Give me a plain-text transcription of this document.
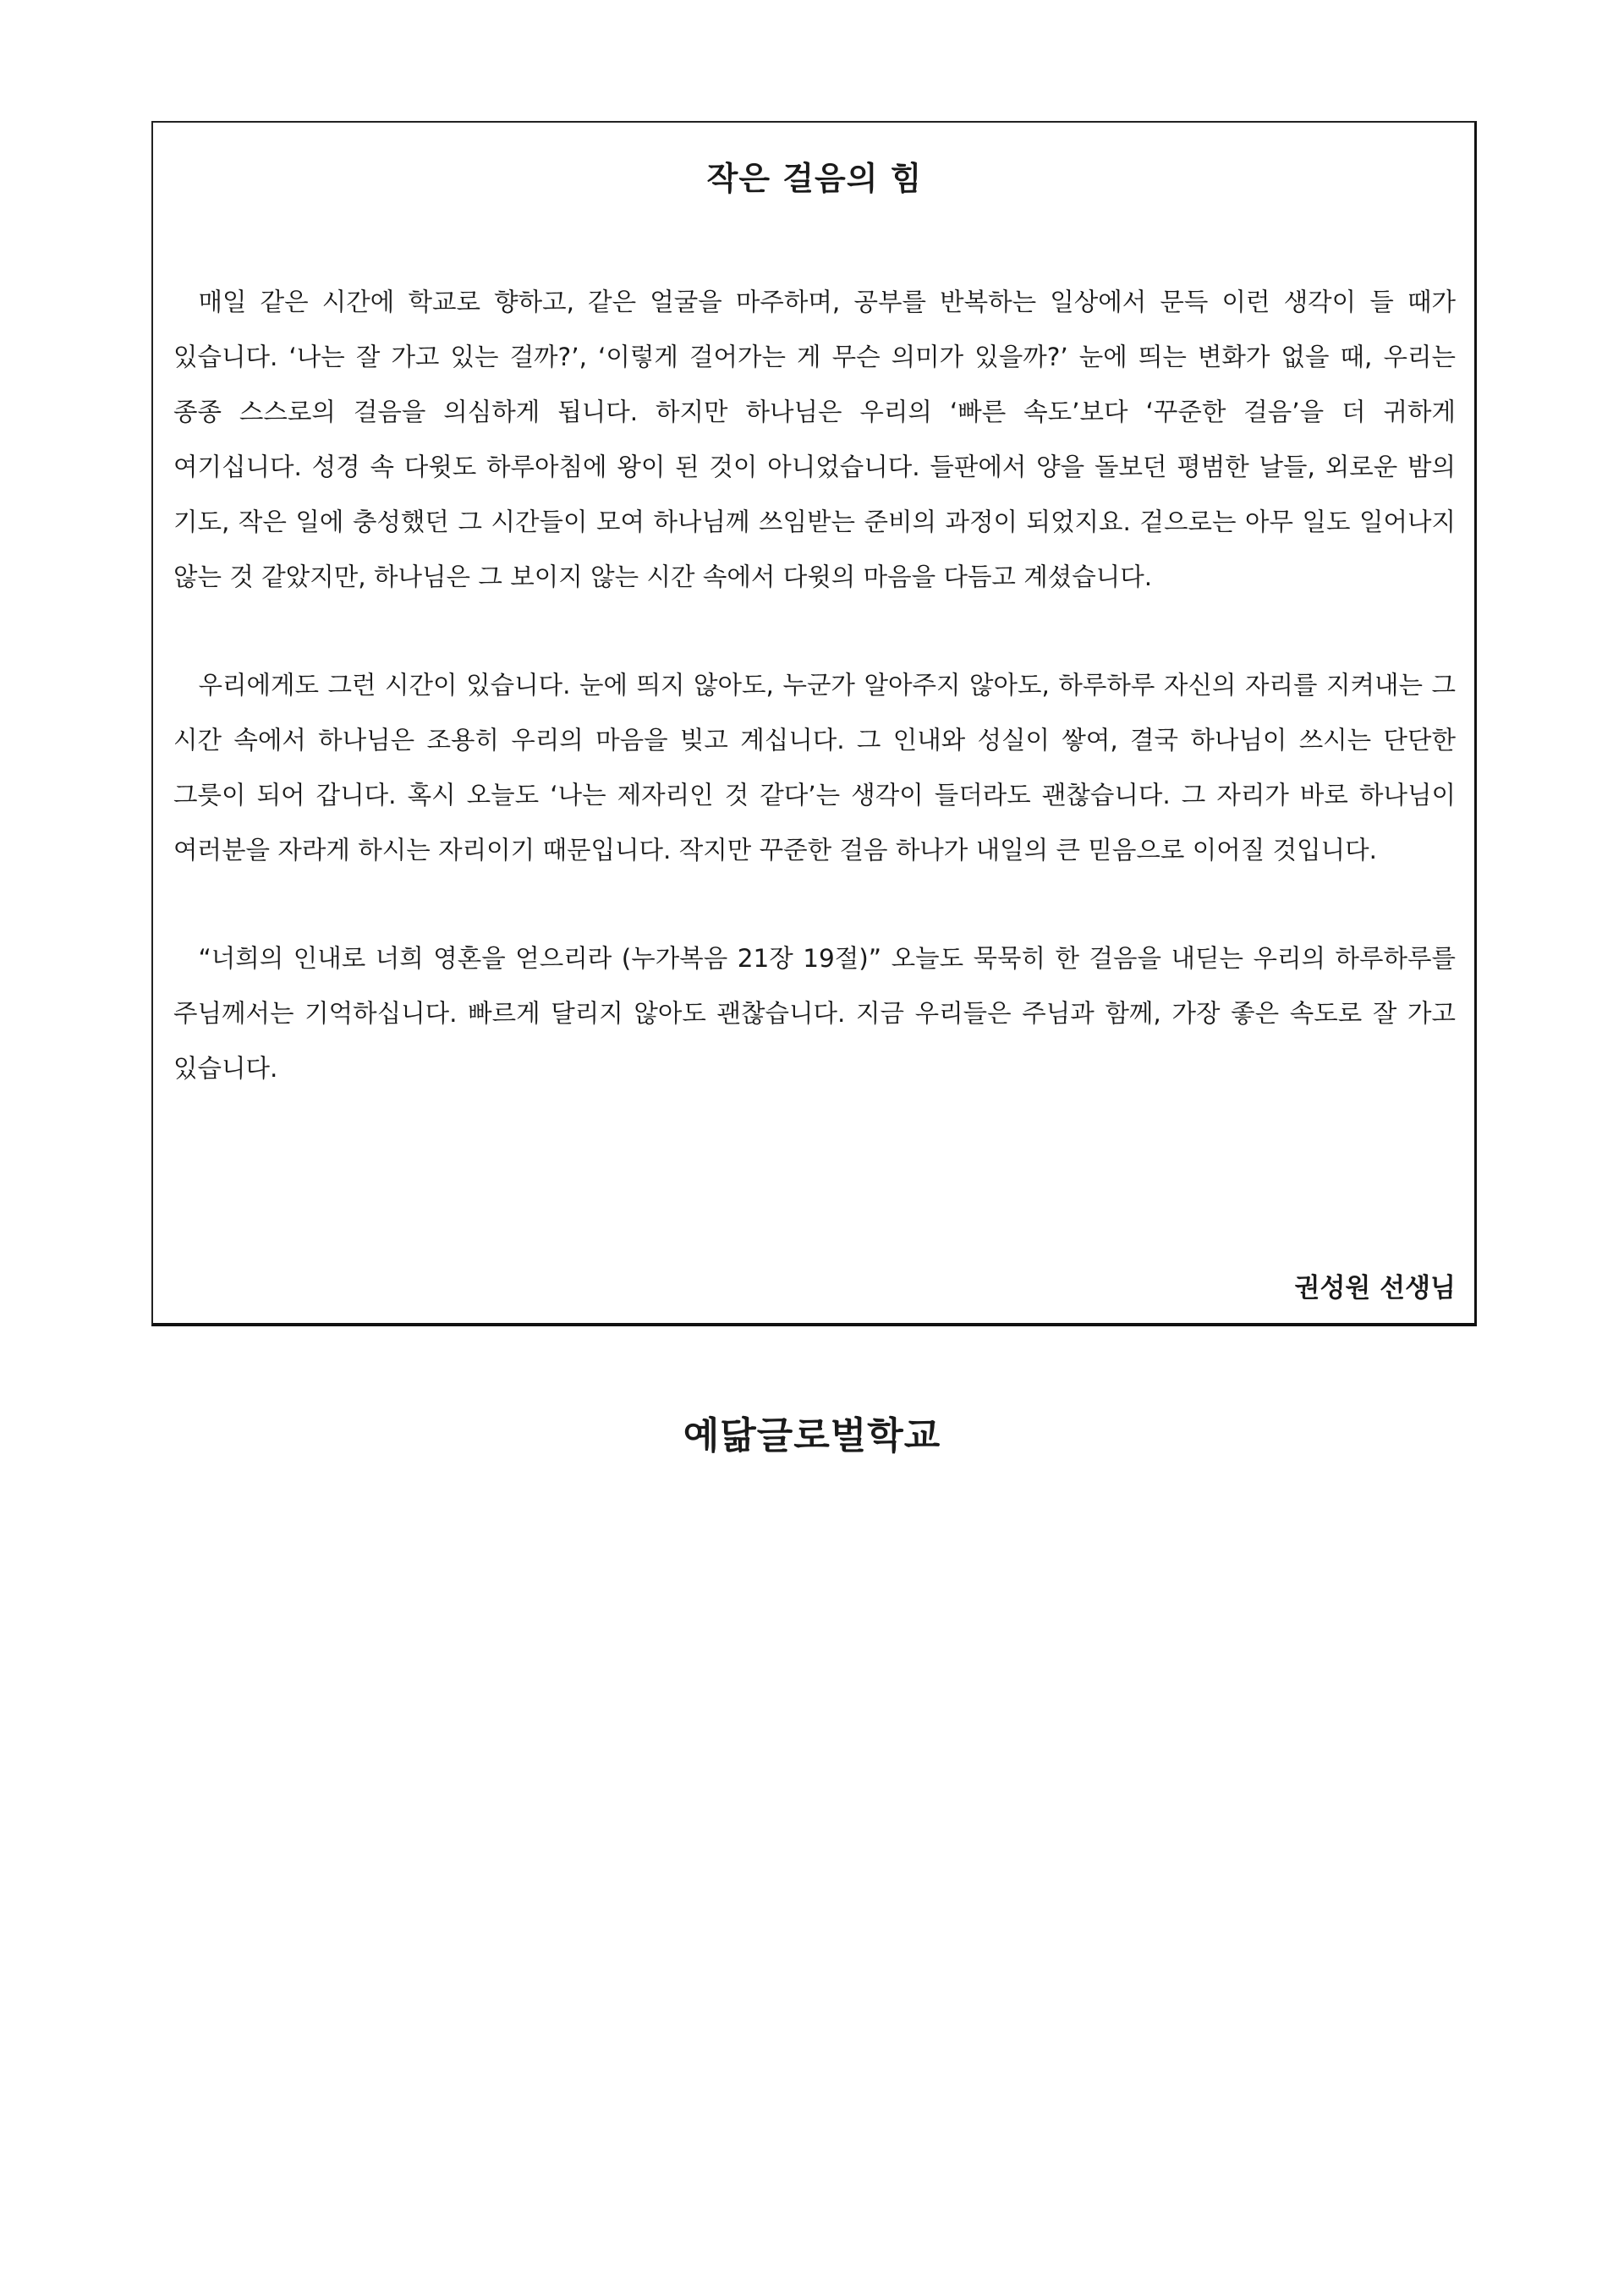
작은 걸음의 힘

매일 같은 시간에 학교로 향하고, 같은 얼굴을 마주하며, 공부를 반복하는 일상에서 문득 이런 생각이 들 때가 있습니다. ‘나는 잘 가고 있는 걸까?’, ‘이렇게 걸어가는 게 무슨 의미가 있을까?’ 눈에 띄는 변화가 없을 때, 우리는 종종 스스로의 걸음을 의심하게 됩니다. 하지만 하나님은 우리의 ‘빠른 속도’보다 ‘꾸준한 걸음’을 더 귀하게 여기십니다. 성경 속 다윗도 하루아침에 왕이 된 것이 아니었습니다. 들판에서 양을 돌보던 평범한 날들, 외로운 밤의 기도, 작은 일에 충성했던 그 시간들이 모여 하나님께 쓰임받는 준비의 과정이 되었지요. 겉으로는 아무 일도 일어나지 않는 것 같았지만, 하나님은 그 보이지 않는 시간 속에서 다윗의 마음을 다듬고 계셨습니다.

우리에게도 그런 시간이 있습니다. 눈에 띄지 않아도, 누군가 알아주지 않아도, 하루하루 자신의 자리를 지켜내는 그 시간 속에서 하나님은 조용히 우리의 마음을 빚고 계십니다. 그 인내와 성실이 쌓여, 결국 하나님이 쓰시는 단단한 그릇이 되어 갑니다. 혹시 오늘도 ‘나는 제자리인 것 같다’는 생각이 들더라도 괜찮습니다. 그 자리가 바로 하나님이 여러분을 자라게 하시는 자리이기 때문입니다. 작지만 꾸준한 걸음 하나가 내일의 큰 믿음으로 이어질 것입니다.

“너희의 인내로 너희 영혼을 얻으리라 (누가복음 21장 19절)” 오늘도 묵묵히 한 걸음을 내딛는 우리의 하루하루를 주님께서는 기억하십니다. 빠르게 달리지 않아도 괜찮습니다. 지금 우리들은 주님과 함께, 가장 좋은 속도로 잘 가고 있습니다.

권성원 선생님
예닮글로벌학교
